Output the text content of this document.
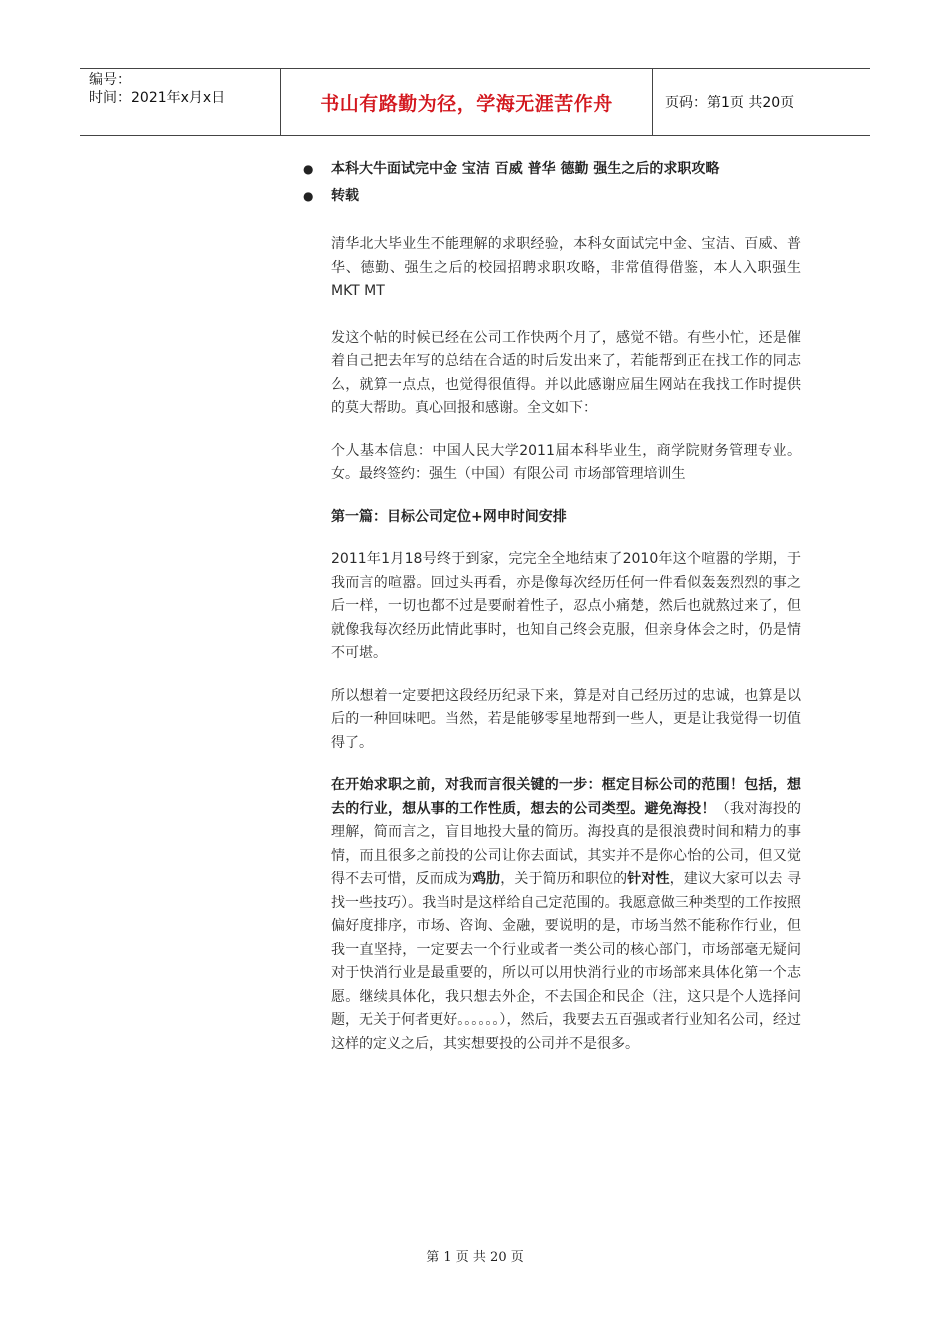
编号：
时间：2021年x月x日	书山有路勤为径，学海无涯苦作舟	页码：第1页 共20页
● 本科大牛面试完中金 宝洁 百威 普华 德勤 强生之后的求职攻略
● 转载

清华北大毕业生不能理解的求职经验，本科女面试完中金、宝洁、百威、普华、德勤、强生之后的校园招聘求职攻略，非常值得借鉴，本人入职强生 MKT MT

发这个帖的时候已经在公司工作快两个月了，感觉不错。有些小忙，还是催着自己把去年写的总结在合适的时后发出来了，若能帮到正在找工作的同志么，就算一点点，也觉得很值得。并以此感谢应届生网站在我找工作时提供的莫大帮助。真心回报和感谢。全文如下：

个人基本信息：中国人民大学2011届本科毕业生，商学院财务管理专业。女。最终签约：强生（中国）有限公司 市场部管理培训生

第一篇：目标公司定位+网申时间安排

2011年1月18号终于到家，完完全全地结束了2010年这个喧嚣的学期，于我而言的喧嚣。回过头再看，亦是像每次经历任何一件看似轰轰烈烈的事之后一样，一切也都不过是要耐着性子，忍点小痛楚，然后也就熬过来了，但就像我每次经历此情此事时，也知自己终会克服，但亲身体会之时，仍是情不可堪。

所以想着一定要把这段经历纪录下来，算是对自己经历过的忠诚，也算是以后的一种回味吧。当然，若是能够零星地帮到一些人，更是让我觉得一切值得了。

在开始求职之前，对我而言很关键的一步：框定目标公司的范围！包括，想去的行业，想从事的工作性质，想去的公司类型。避免海投！（我对海投的理解，简而言之，盲目地投大量的简历。海投真的是很浪费时间和精力的事情，而且很多之前投的公司让你去面试，其实并不是你心怡的公司，但又觉得不去可惜，反而成为鸡肋，关于简历和职位的针对性，建议大家可以去 寻找一些技巧）。我当时是这样给自己定范围的。我愿意做三种类型的工作按照偏好度排序，市场、咨询、金融，要说明的是，市场当然不能称作行业，但我一直坚持，一定要去一个行业或者一类公司的核心部门，市场部毫无疑问对于快消行业是最重要的，所以可以用快消行业的市场部来具体化第一个志愿。继续具体化，我只想去外企，不去国企和民企（注，这只是个人选择问题，无关于何者更好。。。。。。），然后，我要去五百强或者行业知名公司，经过这样的定义之后，其实想要投的公司并不是很多。

第 1 页 共 20 页
